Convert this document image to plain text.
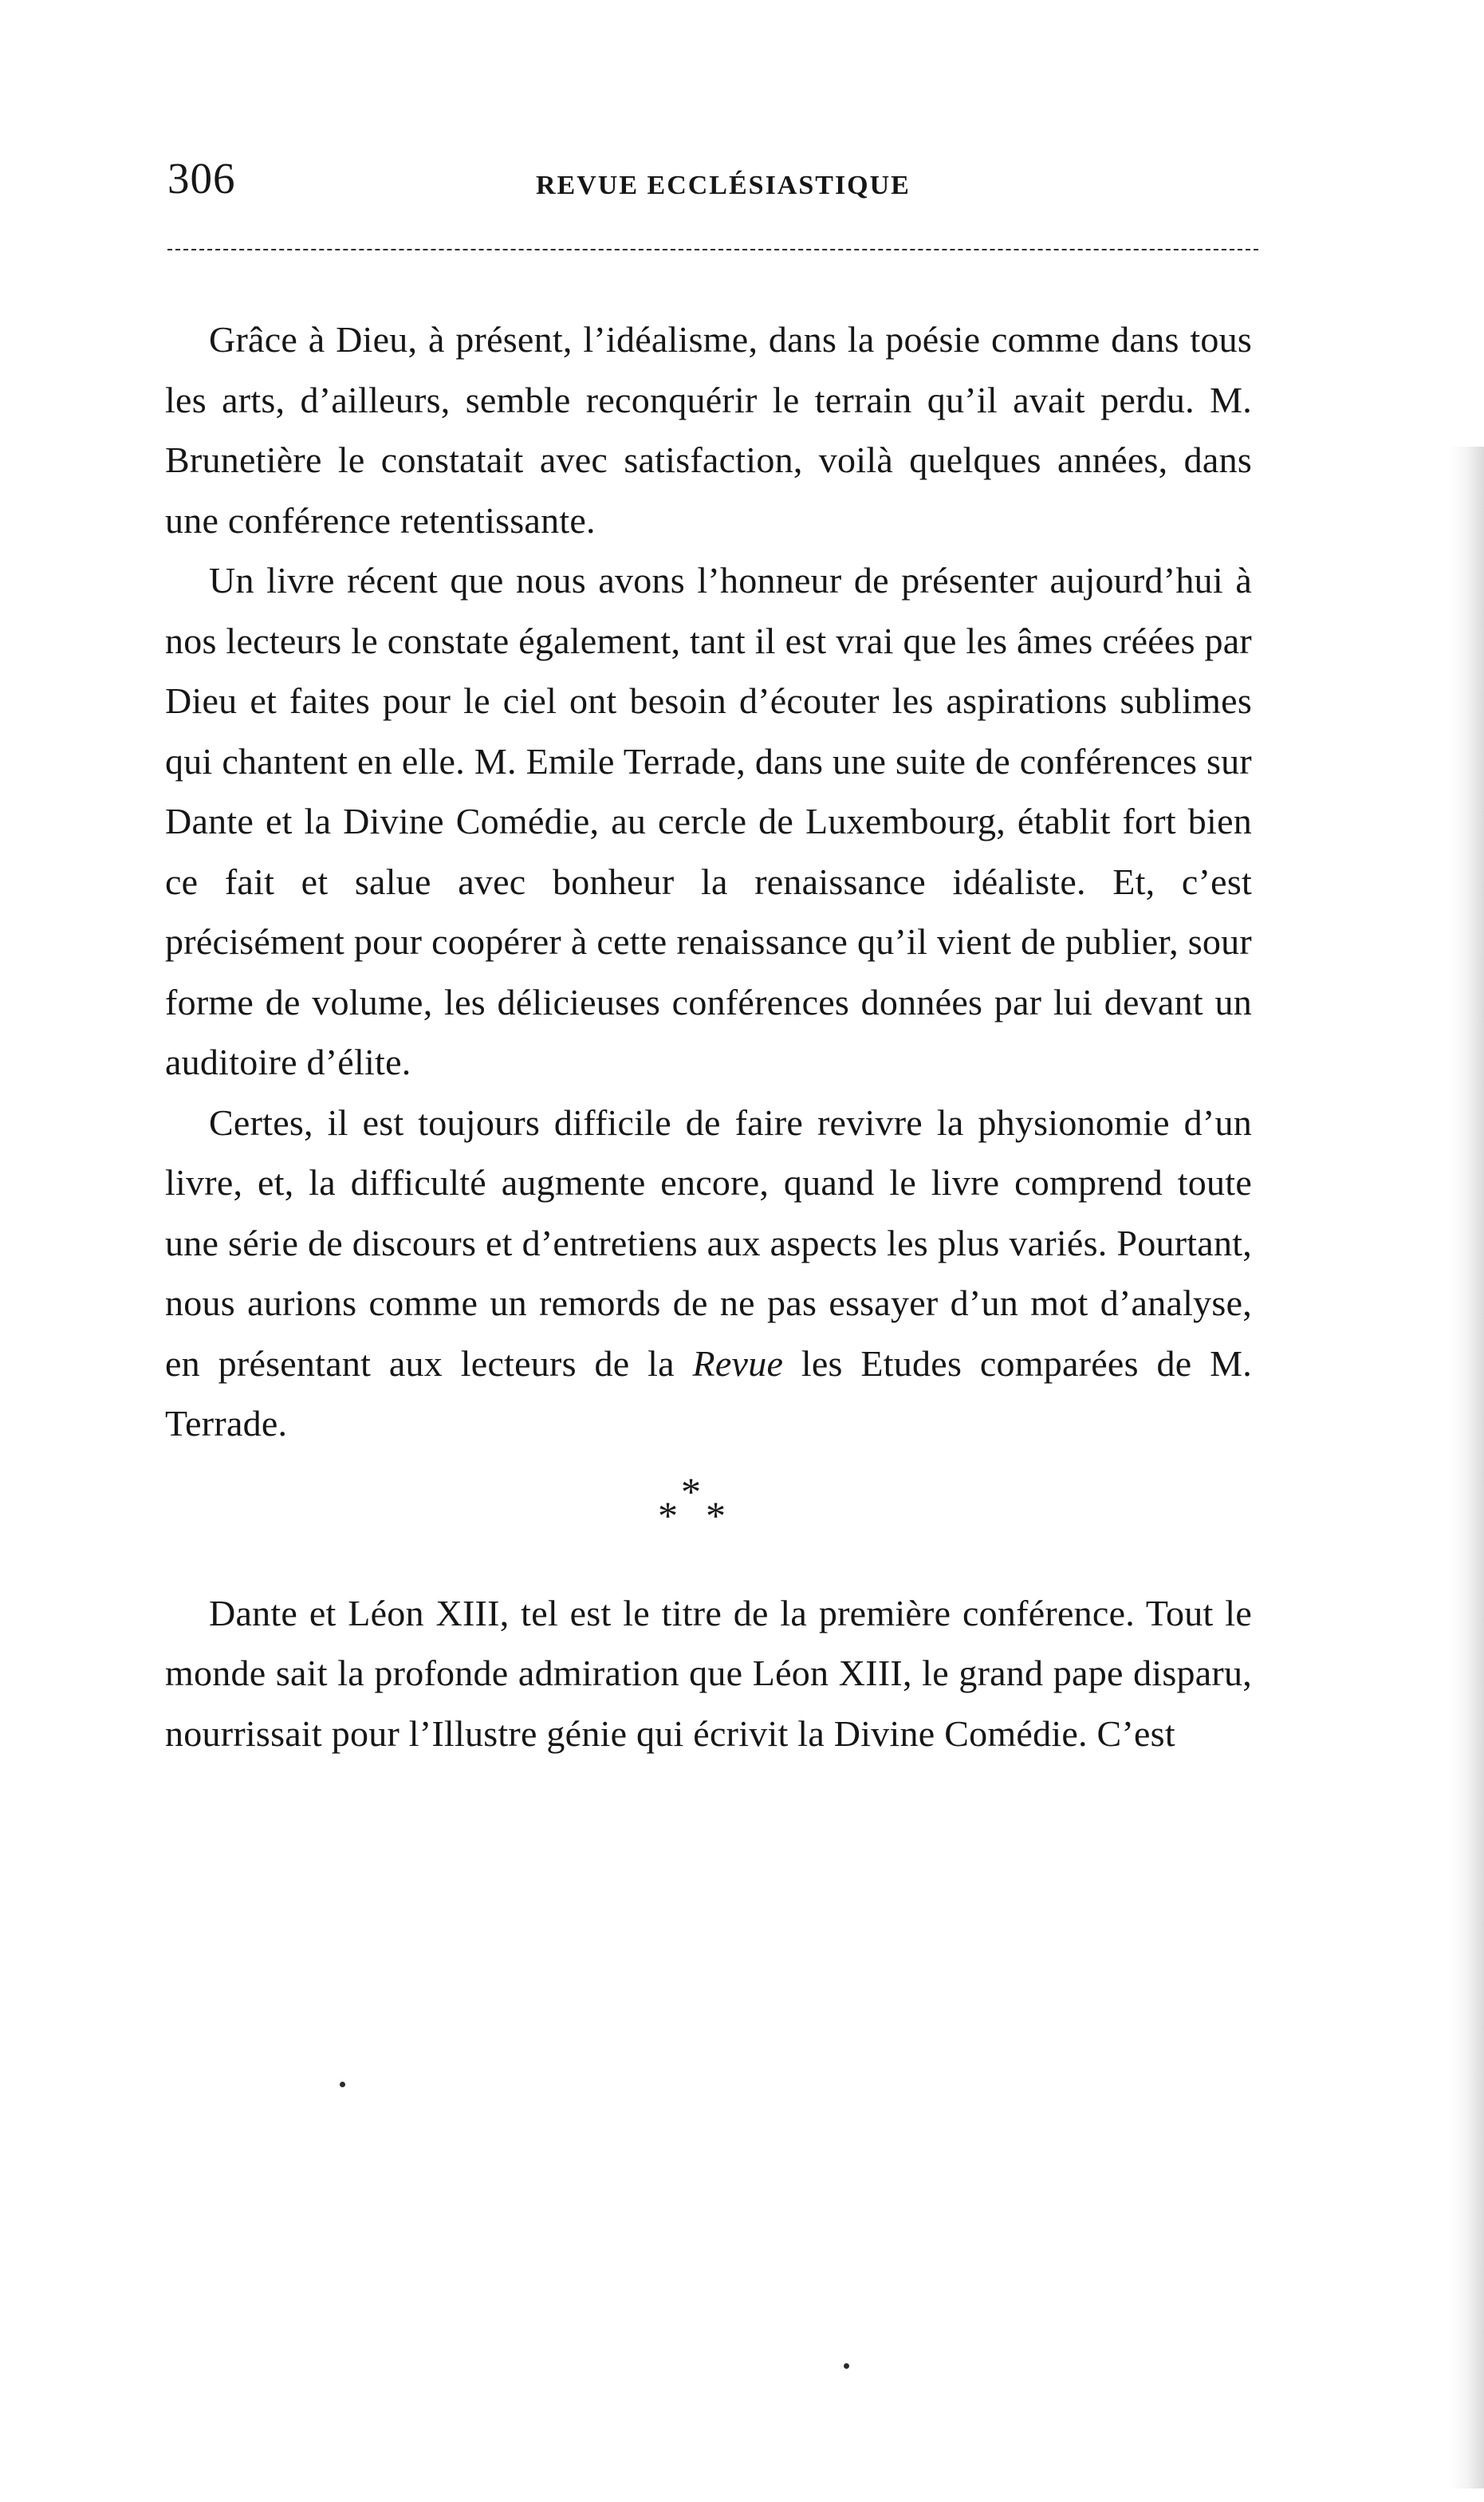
306	REVUE ECCLÉSIASTIQUE

Grâce à Dieu, à présent, l’idéalisme, dans la poésie comme dans tous les arts, d’ailleurs, semble reconquérir le terrain qu’il avait perdu. M. Brunetière le constatait avec satisfaction, voilà quelques années, dans une conférence retentissante.

Un livre récent que nous avons l’honneur de présenter aujourd’hui à nos lecteurs le constate également, tant il est vrai que les âmes créées par Dieu et faites pour le ciel ont besoin d’écouter les aspirations sublimes qui chantent en elle. M. Emile Terrade, dans une suite de conférences sur Dante et la Divine Comédie, au cercle de Luxembourg, établit fort bien ce fait et salue avec bonheur la renaissance idéaliste. Et, c’est précisément pour coopérer à cette renaissance qu’il vient de publier, sour forme de volume, les délicieuses conférences données par lui devant un auditoire d’élite.

Certes, il est toujours difficile de faire revivre la physionomie d’un livre, et, la difficulté augmente encore, quand le livre comprend toute une série de discours et d’entretiens aux aspects les plus variés. Pourtant, nous aurions comme un remords de ne pas essayer d’un mot d’analyse, en présentant aux lecteurs de la Revue les Etudes comparées de M. Terrade.

*
* *

Dante et Léon XIII, tel est le titre de la première conférence. Tout le monde sait la profonde admiration que Léon XIII, le grand pape disparu, nourrissait pour l’Illustre génie qui écrivit la Divine Comédie. C’est
